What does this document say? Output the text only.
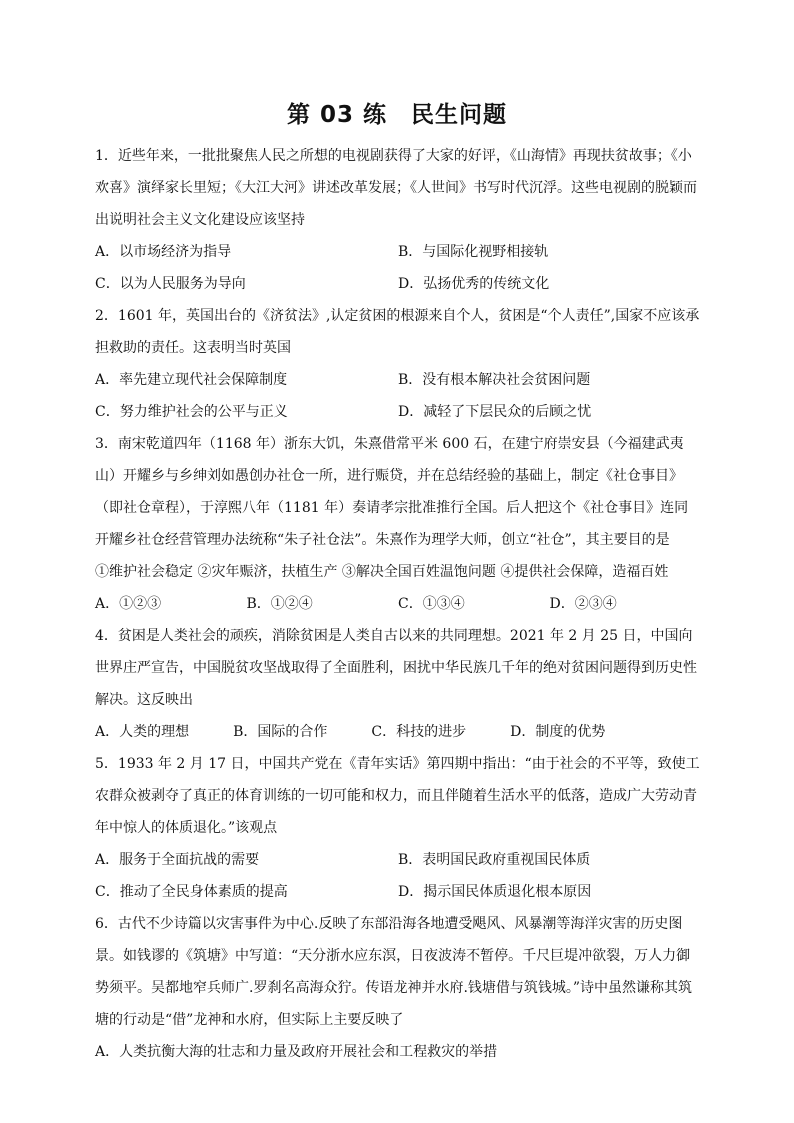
第 03 练　民生问题

1．近些年来，一批批聚焦人民之所想的电视剧获得了大家的好评，《山海情》再现扶贫故事；《小欢喜》演绎家长里短；《大江大河》讲述改革发展；《人世间》书写时代沉浮。这些电视剧的脱颖而出说明社会主义文化建设应该坚持

A．以市场经济为指导	B．与国际化视野相接轨
C．以为人民服务为导向	D．弘扬优秀的传统文化

2．1601 年，英国出台的《济贫法》,认定贫困的根源来自个人，贫困是“个人责任”,国家不应该承担救助的责任。这表明当时英国

A．率先建立现代社会保障制度	B．没有根本解决社会贫困问题
C．努力维护社会的公平与正义	D．减轻了下层民众的后顾之忧

3．南宋乾道四年（1168 年）浙东大饥，朱熹借常平米 600 石，在建宁府崇安县（今福建武夷山）开耀乡与乡绅刘如愚创办社仓一所，进行赈贷，并在总结经验的基础上，制定《社仓事目》（即社仓章程），于淳熙八年（1181 年）奏请孝宗批准推行全国。后人把这个《社仓事目》连同开耀乡社仓经营管理办法统称“朱子社仓法”。朱熹作为理学大师，创立“社仓”，其主要目的是

①维护社会稳定 ②灾年赈济，扶植生产 ③解决全国百姓温饱问题 ④提供社会保障，造福百姓

A．①②③	B．①②④	C．①③④	D．②③④

4．贫困是人类社会的顽疾，消除贫困是人类自古以来的共同理想。2021 年 2 月 25 日，中国向世界庄严宣告，中国脱贫攻坚战取得了全面胜利，困扰中华民族几千年的绝对贫困问题得到历史性解决。这反映出

A．人类的理想	B．国际的合作	C．科技的进步	D．制度的优势

5．1933 年 2 月 17 日，中国共产党在《青年实话》第四期中指出：“由于社会的不平等，致使工农群众被剥夺了真正的体育训练的一切可能和权力，而且伴随着生活水平的低落，造成广大劳动青年中惊人的体质退化。”该观点

A．服务于全面抗战的需要	B．表明国民政府重视国民体质
C．推动了全民身体素质的提高	D．揭示国民体质退化根本原因

6．古代不少诗篇以灾害事件为中心.反映了东部沿海各地遭受飓风、风暴潮等海洋灾害的历史图景。如钱谬的《筑塘》中写道：“天分浙水应东溟，日夜波涛不暂停。千尺巨堤冲欲裂，万人力御势须平。吴都地窄兵师广.罗刹名高海众狞。传语龙神并水府.钱塘借与筑钱城。”诗中虽然谦称其筑塘的行动是“借”龙神和水府，但实际上主要反映了

A．人类抗衡大海的壮志和力量及政府开展社会和工程救灾的举措
